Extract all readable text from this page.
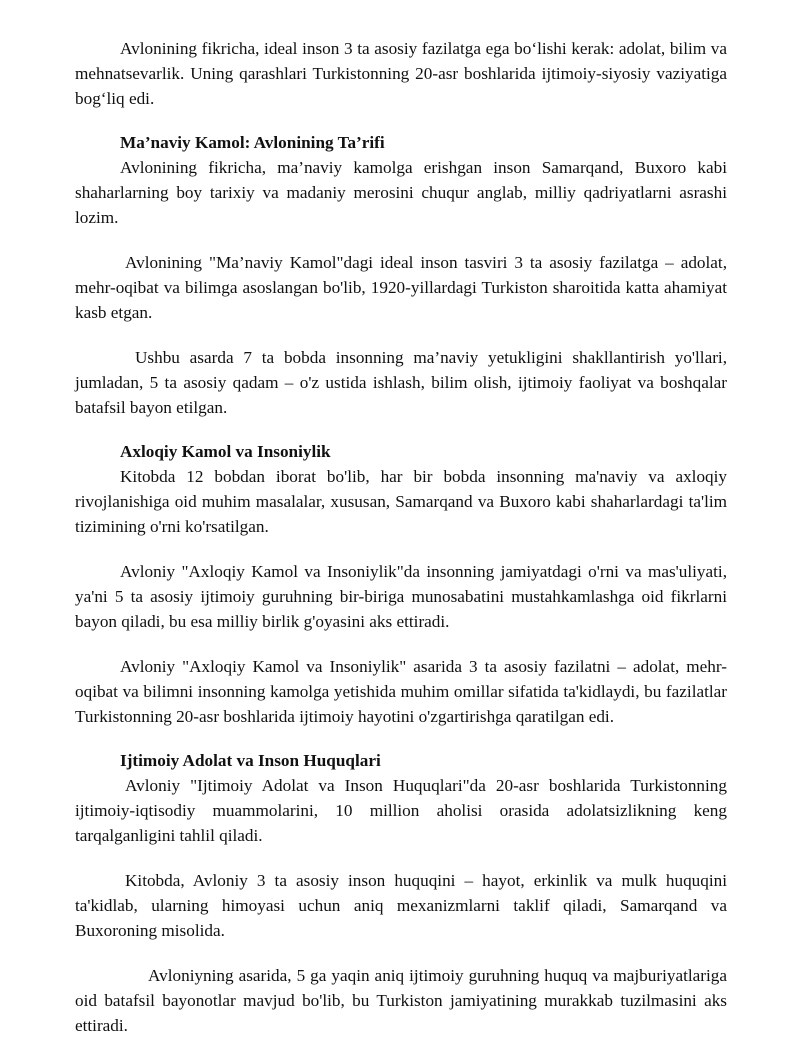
Avlonining fikricha, ideal inson 3 ta asosiy fazilatga ega bo‘lishi kerak: adolat, bilim va mehnatsevarlik. Uning qarashlari Turkistonning 20-asr boshlarida ijtimoiy-siyosiy vaziyatiga bog‘liq edi.

Ma’naviy Kamol: Avlonining Ta’rifi

Avlonining fikricha, ma’naviy kamolga erishgan inson Samarqand, Buxoro kabi shaharlarning boy tarixiy va madaniy merosini chuqur anglab, milliy qadriyatlarni asrashi lozim.

Avlonining "Ma’naviy Kamol"dagi ideal inson tasviri 3 ta asosiy fazilatga – adolat, mehr-oqibat va bilimga asoslangan bo'lib, 1920-yillardagi Turkiston sharoitida katta ahamiyat kasb etgan.

Ushbu asarda 7 ta bobda insonning ma’naviy yetukligini shakllantirish yo'llari, jumladan, 5 ta asosiy qadam – o'z ustida ishlash, bilim olish, ijtimoiy faoliyat va boshqalar batafsil bayon etilgan.

Axloqiy Kamol va Insoniylik

Kitobda 12 bobdan iborat bo'lib, har bir bobda insonning ma'naviy va axloqiy rivojlanishiga oid muhim masalalar, xususan, Samarqand va Buxoro kabi shaharlardagi ta'lim tizimining o'rni ko'rsatilgan.

Avloniy "Axloqiy Kamol va Insoniylik"da insonning jamiyatdagi o'rni va mas'uliyati, ya'ni 5 ta asosiy ijtimoiy guruhning bir-biriga munosabatini mustahkamlashga oid fikrlarni bayon qiladi, bu esa milliy birlik g'oyasini aks ettiradi.

Avloniy "Axloqiy Kamol va Insoniylik" asarida 3 ta asosiy fazilatni – adolat, mehr-oqibat va bilimni insonning kamolga yetishida muhim omillar sifatida ta'kidlaydi, bu fazilatlar Turkistonning 20-asr boshlarida ijtimoiy hayotini o'zgartirishga qaratilgan edi.

Ijtimoiy Adolat va Inson Huquqlari

Avloniy "Ijtimoiy Adolat va Inson Huquqlari"da 20-asr boshlarida Turkistonning ijtimoiy-iqtisodiy muammolarini, 10 million aholisi orasida adolatsizlikning keng tarqalganligini tahlil qiladi.

Kitobda, Avloniy 3 ta asosiy inson huquqini – hayot, erkinlik va mulk huquqini ta'kidlab, ularning himoyasi uchun aniq mexanizmlarni taklif qiladi, Samarqand va Buxoroning misolida.

Avloniyning asarida, 5 ga yaqin aniq ijtimoiy guruhning huquq va majburiyatlariga oid batafsil bayonotlar mavjud bo'lib, bu Turkiston jamiyatining murakkab tuzilmasini aks ettiradi.
